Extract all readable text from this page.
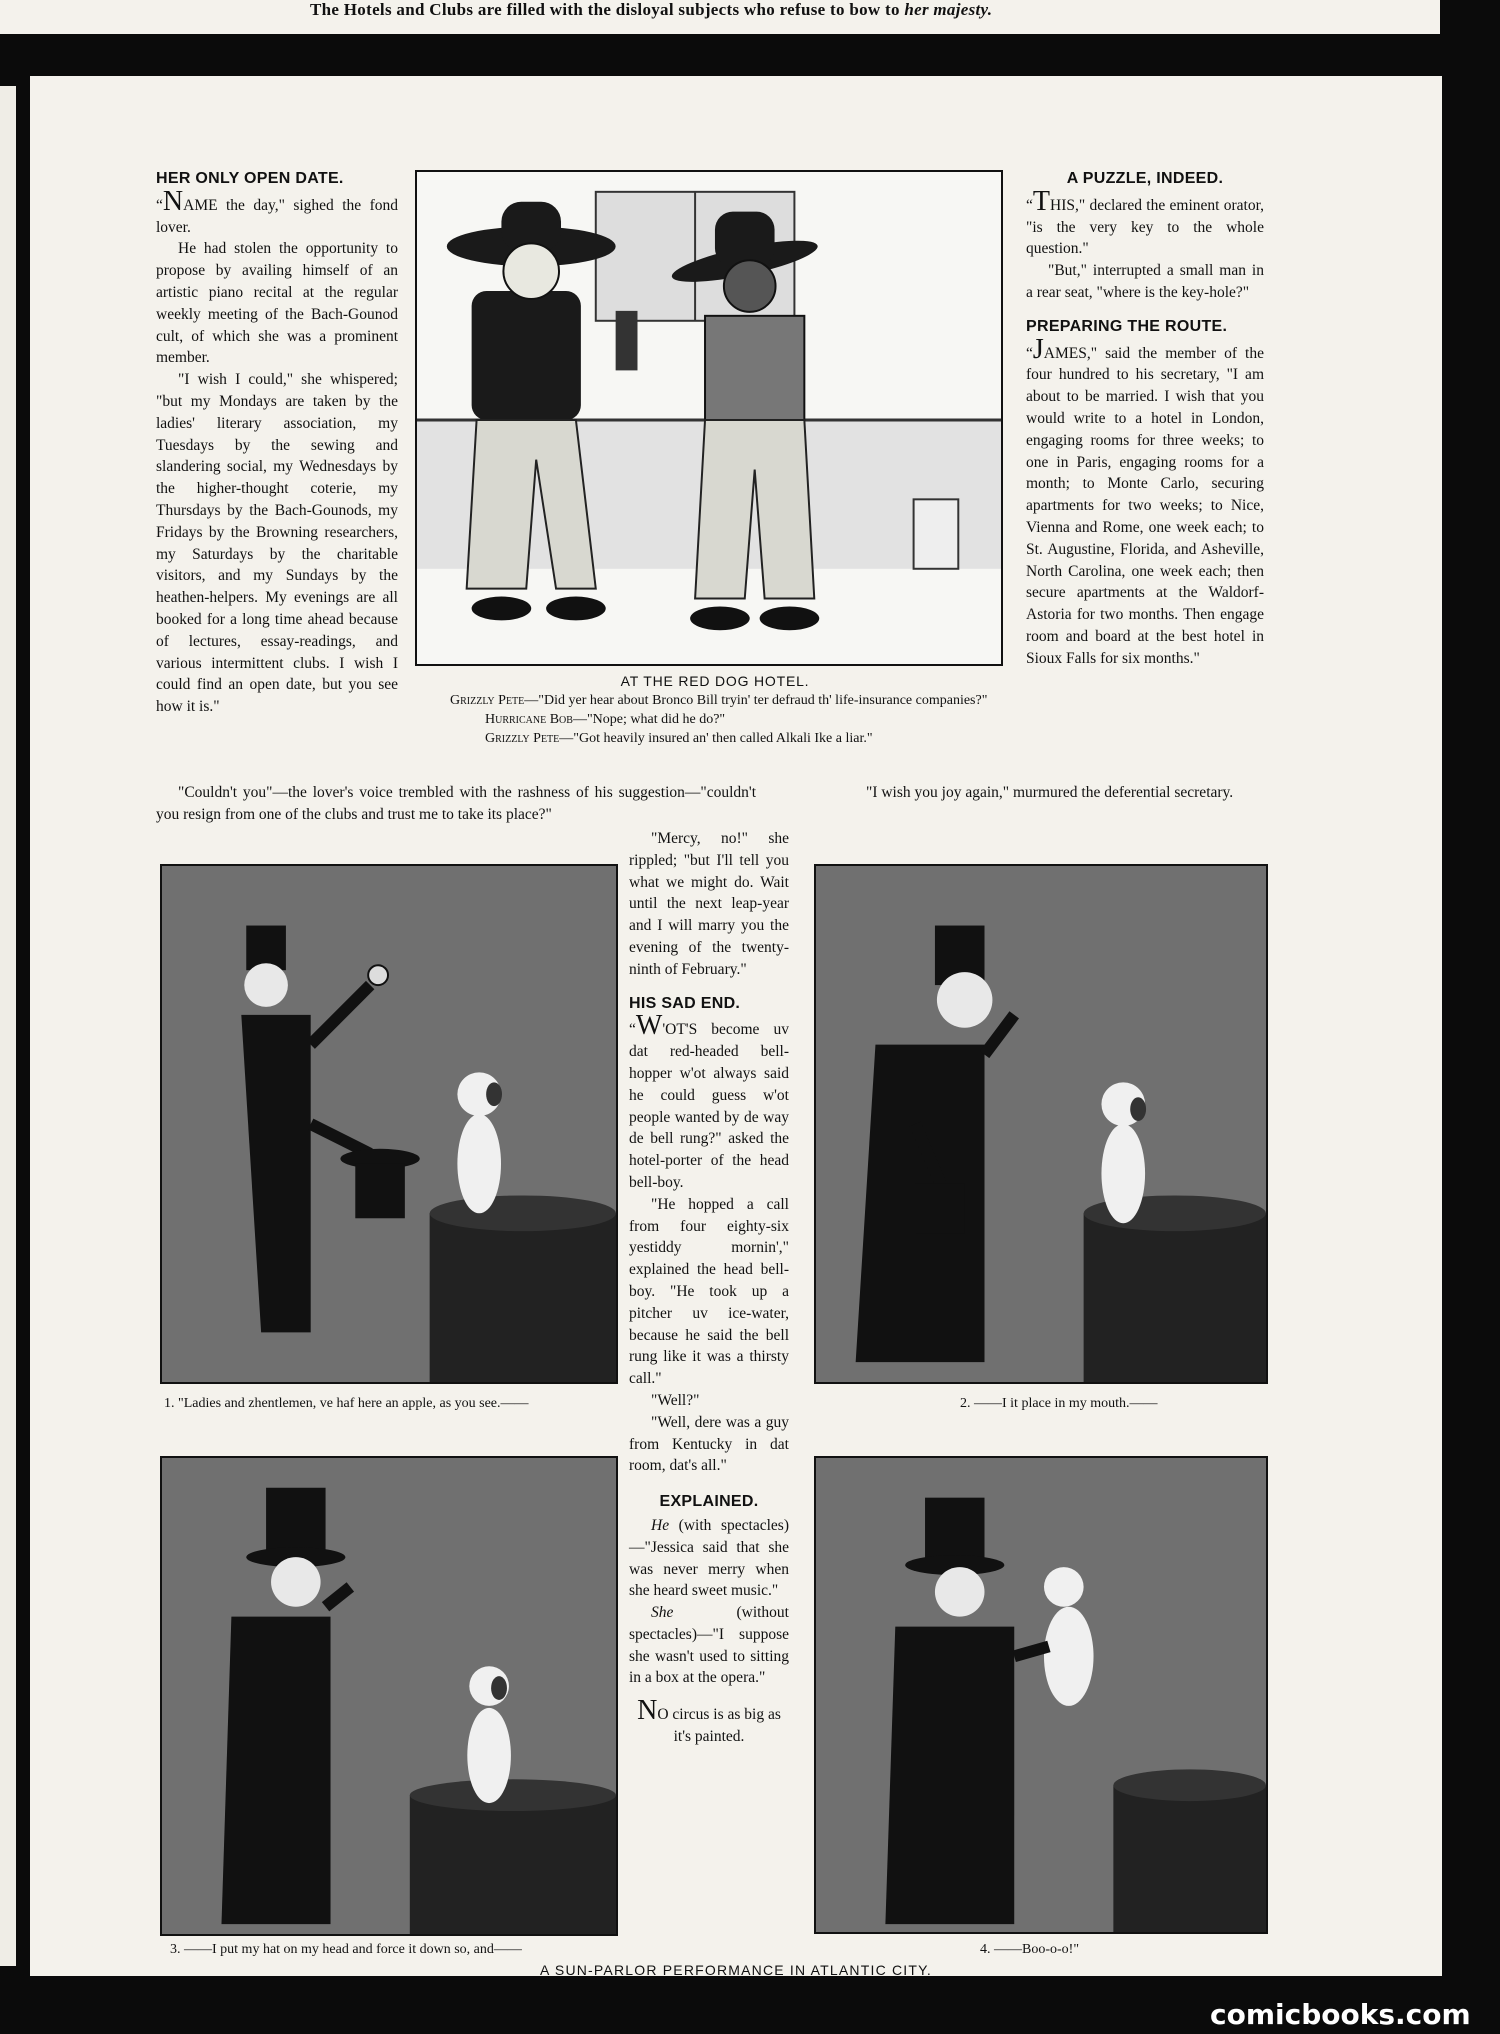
The Hotels and Clubs are filled with the disloyal subjects who refuse to bow to her majesty.
HER ONLY OPEN DATE.

“NAME the day," sighed the fond lover.

He had stolen the opportunity to propose by availing himself of an artistic piano recital at the regular weekly meeting of the Bach-Gounod cult, of which she was a prominent member.

"I wish I could," she whispered; "but my Mondays are taken by the ladies' literary association, my Tuesdays by the sewing and slandering social, my Wednesdays by the higher-thought coterie, my Thursdays by the Bach-Gounods, my Fridays by the Browning researchers, my Saturdays by the charitable visitors, and my Sundays by the heathen-helpers. My evenings are all booked for a long time ahead because of lectures, essay-readings, and various intermittent clubs. I wish I could find an open date, but you see how it is."

AT THE RED DOG HOTEL.
Grizzly Pete—"Did yer hear about Bronco Bill tryin' ter defraud th' life-insurance companies?"
Hurricane Bob—"Nope; what did he do?"
Grizzly Pete—"Got heavily insured an' then called Alkali Ike a liar."
A PUZZLE, INDEED.

“THIS," declared the eminent orator, "is the very key to the whole question."

"But," interrupted a small man in a rear seat, "where is the key-hole?"

PREPARING THE ROUTE.

“JAMES," said the member of the four hundred to his secretary, "I am about to be married. I wish that you would write to a hotel in London, engaging rooms for three weeks; to one in Paris, engaging rooms for a month; to Monte Carlo, securing apartments for two weeks; to Nice, Vienna and Rome, one week each; to St. Augustine, Florida, and Asheville, North Carolina, one week each; then secure apartments at the Waldorf-Astoria for two months. Then engage room and board at the best hotel in Sioux Falls for six months."

"Couldn't you"—the lover's voice trembled with the rashness of his suggestion—"couldn't you resign from one of the clubs and trust me to take its place?"

"I wish you joy again," murmured the deferential secretary.

"Mercy, no!" she rippled; "but I'll tell you what we might do. Wait until the next leap-year and I will marry you the evening of the twenty-ninth of February."

HIS SAD END.

“W'OT'S become uv dat red-headed bell-hopper w'ot always said he could guess w'ot people wanted by de way de bell rung?" asked the hotel-porter of the head bell-boy.

"He hopped a call from four eighty-six yestiddy mornin'," explained the head bell-boy. "He took up a pitcher uv ice-water, because he said the bell rung like it was a thirsty call."

"Well?"

"Well, dere was a guy from Kentucky in dat room, dat's all."

EXPLAINED.

He (with spectacles)—"Jessica said that she was never merry when she heard sweet music."

She (without spectacles)—"I suppose she wasn't used to sitting in a box at the opera."

NO circus is as big as it's painted.

1. "Ladies and zhentlemen, ve haf here an apple, as you see.——	2. ——I it place in my mouth.——
3. ——I put my hat on my head and force it down so, and——	4. ——Boo-o-o!"
A SUN-PARLOR PERFORMANCE IN ATLANTIC CITY.
comicbooks.com
